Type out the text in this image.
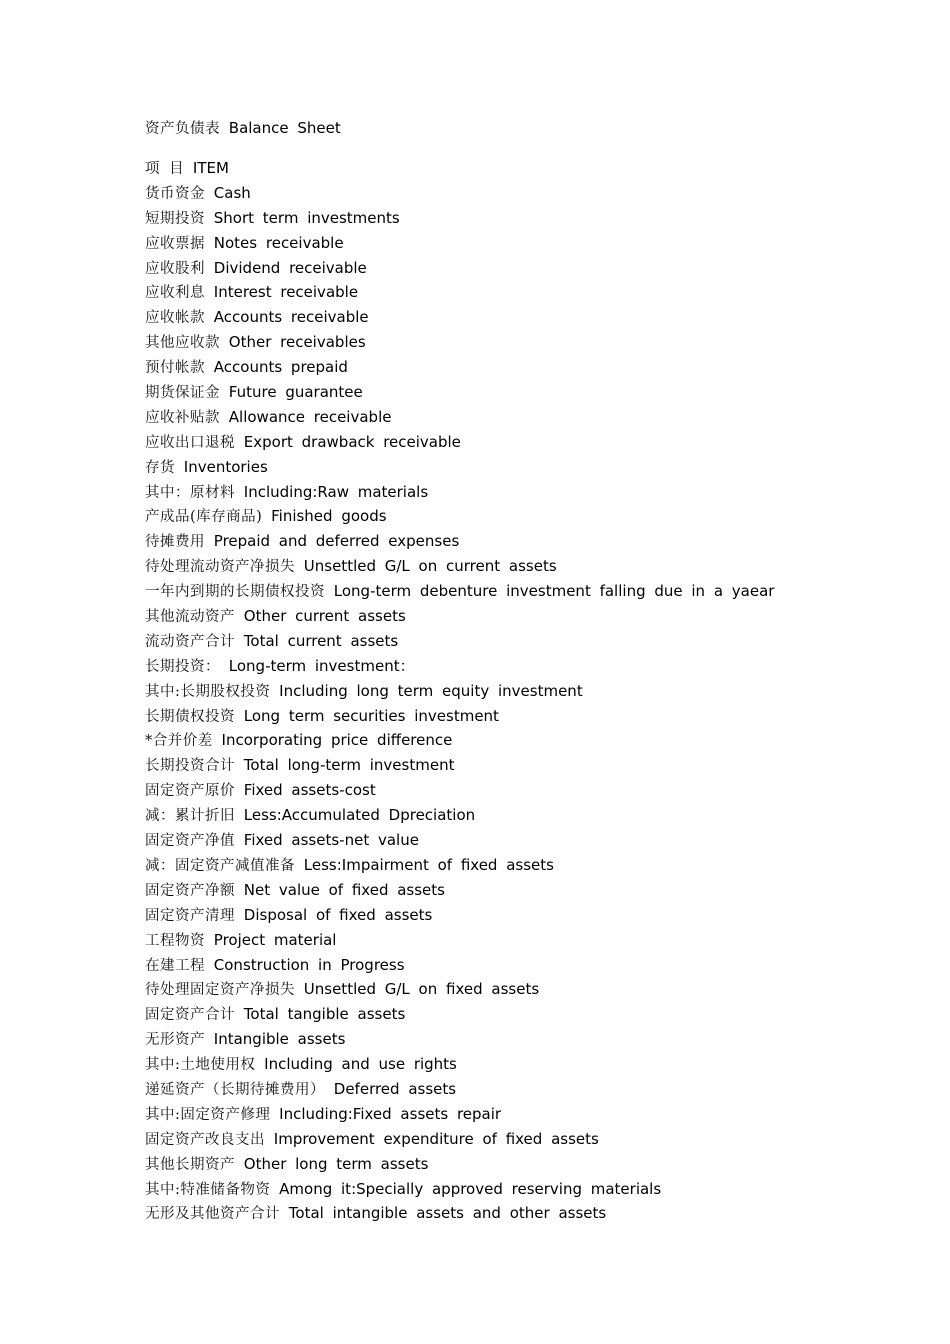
资产负债表 Balance Sheet
项 目 ITEM
货币资金 Cash
短期投资 Short term investments
应收票据 Notes receivable
应收股利 Dividend receivable
应收利息 Interest receivable
应收帐款 Accounts receivable
其他应收款 Other receivables
预付帐款 Accounts prepaid
期货保证金 Future guarantee
应收补贴款 Allowance receivable
应收出口退税 Export drawback receivable
存货 Inventories
其中：原材料 Including:Raw materials
产成品(库存商品) Finished goods
待摊费用 Prepaid and deferred expenses
待处理流动资产净损失 Unsettled G/L on current assets
一年内到期的长期债权投资 Long-term debenture investment falling due in a yaear
其他流动资产 Other current assets
流动资产合计 Total current assets
长期投资： Long-term investment：
其中:长期股权投资 Including long term equity investment
长期债权投资 Long term securities investment
*合并价差 Incorporating price difference
长期投资合计 Total long-term investment
固定资产原价 Fixed assets-cost
减：累计折旧 Less:Accumulated Dpreciation
固定资产净值 Fixed assets-net value
减：固定资产减值准备 Less:Impairment of fixed assets
固定资产净额 Net value of fixed assets
固定资产清理 Disposal of fixed assets
工程物资 Project material
在建工程 Construction in Progress
待处理固定资产净损失 Unsettled G/L on fixed assets
固定资产合计 Total tangible assets
无形资产 Intangible assets
其中:土地使用权 Including and use rights
递延资产（长期待摊费用） Deferred assets
其中:固定资产修理 Including:Fixed assets repair
固定资产改良支出 Improvement expenditure of fixed assets
其他长期资产 Other long term assets
其中:特准储备物资 Among it:Specially approved reserving materials
无形及其他资产合计 Total intangible assets and other assets
